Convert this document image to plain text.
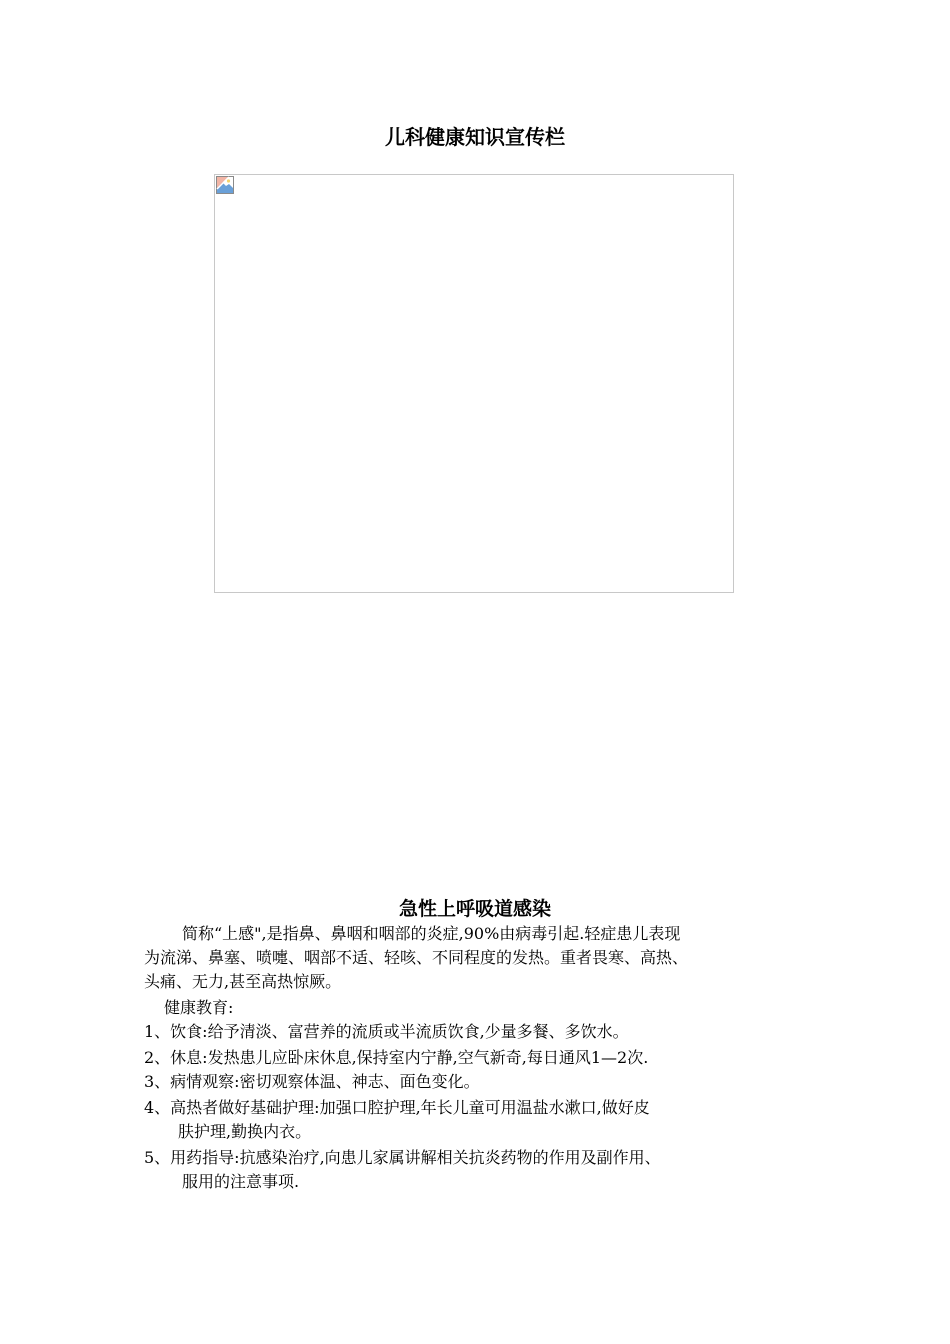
儿科健康知识宣传栏
急性上呼吸道感染
简称“上感",是指鼻、鼻咽和咽部的炎症,90%由病毒引起.轻症患儿表现
为流涕、鼻塞、喷嚏、咽部不适、轻咳、不同程度的发热。重者畏寒、高热、
头痛、无力,甚至高热惊厥。
健康教育:
1、饮食:给予清淡、富营养的流质或半流质饮食,少量多餐、多饮水。
2、休息:发热患儿应卧床休息,保持室内宁静,空气新奇,每日通风1—2次.
3、病情观察:密切观察体温、神志、面色变化。
4、高热者做好基础护理:加强口腔护理,年长儿童可用温盐水漱口,做好皮
肤护理,勤换内衣。
5、用药指导:抗感染治疗,向患儿家属讲解相关抗炎药物的作用及副作用、
服用的注意事项.
